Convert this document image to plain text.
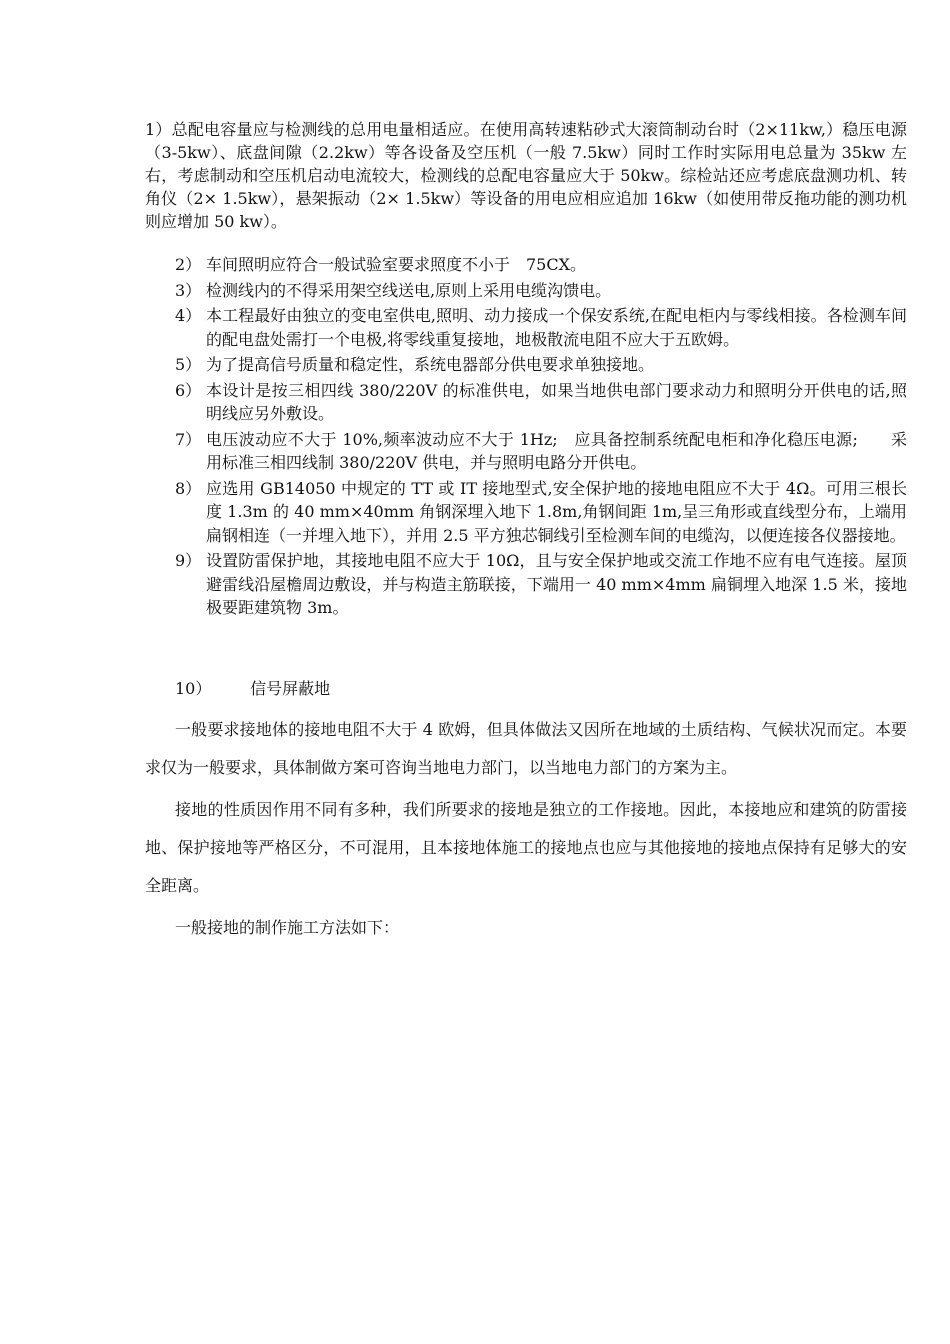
1）总配电容量应与检测线的总用电量相适应。在使用高转速粘砂式大滚筒制动台时（2×11kw,）稳压电源（3-5kw）、底盘间隙（2.2kw）等各设备及空压机（一般 7.5kw）同时工作时实际用电总量为 35kw 左右，考虑制动和空压机启动电流较大，检测线的总配电容量应大于 50kw。综检站还应考虑底盘测功机、转角仪（2× 1.5kw），悬架振动（2× 1.5kw）等设备的用电应相应追加 16kw（如使用带反拖功能的测功机则应增加 50 kw）。
2） 车间照明应符合一般试验室要求照度不小于　75CX。
3） 检测线内的不得采用架空线送电,原则上采用电缆沟馈电。
4） 本工程最好由独立的变电室供电,照明、动力接成一个保安系统,在配电柜内与零线相接。各检测车间的配电盘处需打一个电极,将零线重复接地，地极散流电阻不应大于五欧姆。
5） 为了提高信号质量和稳定性，系统电器部分供电要求单独接地。
6） 本设计是按三相四线 380/220V 的标准供电，如果当地供电部门要求动力和照明分开供电的话,照明线应另外敷设。
7） 电压波动应不大于 10%,频率波动应不大于 1Hz;　应具备控制系统配电柜和净化稳压电源;　　采用标准三相四线制 380/220V 供电，并与照明电路分开供电。
8） 应选用 GB14050 中规定的 TT 或 IT 接地型式,安全保护地的接地电阻应不大于 4Ω。可用三根长度 1.3m 的 40 mm×40mm 角钢深埋入地下 1.8m,角钢间距 1m,呈三角形或直线型分布，上端用扁钢相连（一并埋入地下），并用 2.5 平方独芯铜线引至检测车间的电缆沟，以便连接各仪器接地。
9） 设置防雷保护地，其接地电阻不应大于 10Ω，且与安全保护地或交流工作地不应有电气连接。屋顶避雷线沿屋檐周边敷设，并与构造主筋联接，下端用一 40 mm×4mm 扁铜埋入地深 1.5 米，接地极要距建筑物 3m。
10） 信号屏蔽地

一般要求接地体的接地电阻不大于 4 欧姆，但具体做法又因所在地域的土质结构、气候状况而定。本要求仅为一般要求，具体制做方案可咨询当地电力部门，以当地电力部门的方案为主。

接地的性质因作用不同有多种，我们所要求的接地是独立的工作接地。因此，本接地应和建筑的防雷接地、保护接地等严格区分，不可混用，且本接地体施工的接地点也应与其他接地的接地点保持有足够大的安全距离。

一般接地的制作施工方法如下：
